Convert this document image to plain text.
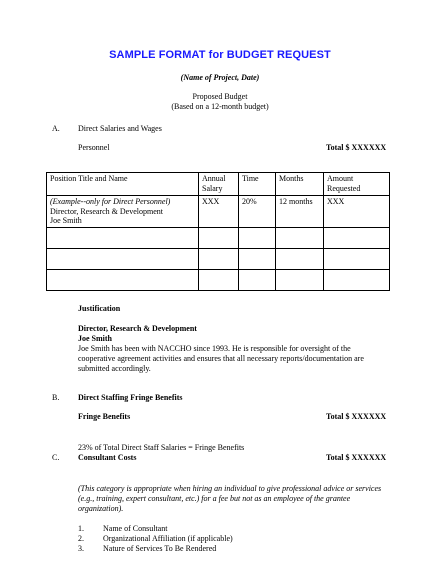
SAMPLE FORMAT for BUDGET REQUEST
(Name of Project, Date)
Proposed Budget
(Based on a 12-month budget)
A. Direct Salaries and Wages
Personnel	Total $ XXXXXX
Position Title and Name	Annual Salary	Time	Months	Amount Requested

(Example--only for Direct Personnel)
Director, Research & Development
Joe Smith	XXX	20%	12 months	XXX

Justification
Director, Research & Development
Joe Smith
Joe Smith has been with NACCHO since 1993. He is responsible for oversight of the cooperative agreement activities and ensures that all necessary reports/documentation are submitted accordingly.
B. Direct Staffing Fringe Benefits
Fringe Benefits	Total $ XXXXXX
23% of Total Direct Staff Salaries = Fringe Benefits
C. Consultant Costs	Total $ XXXXXX
(This category is appropriate when hiring an individual to give professional advice or services (e.g., training, expert consultant, etc.) for a fee but not as an employee of the grantee organization).
1. Name of Consultant
2. Organizational Affiliation (if applicable)
3. Nature of Services To Be Rendered
